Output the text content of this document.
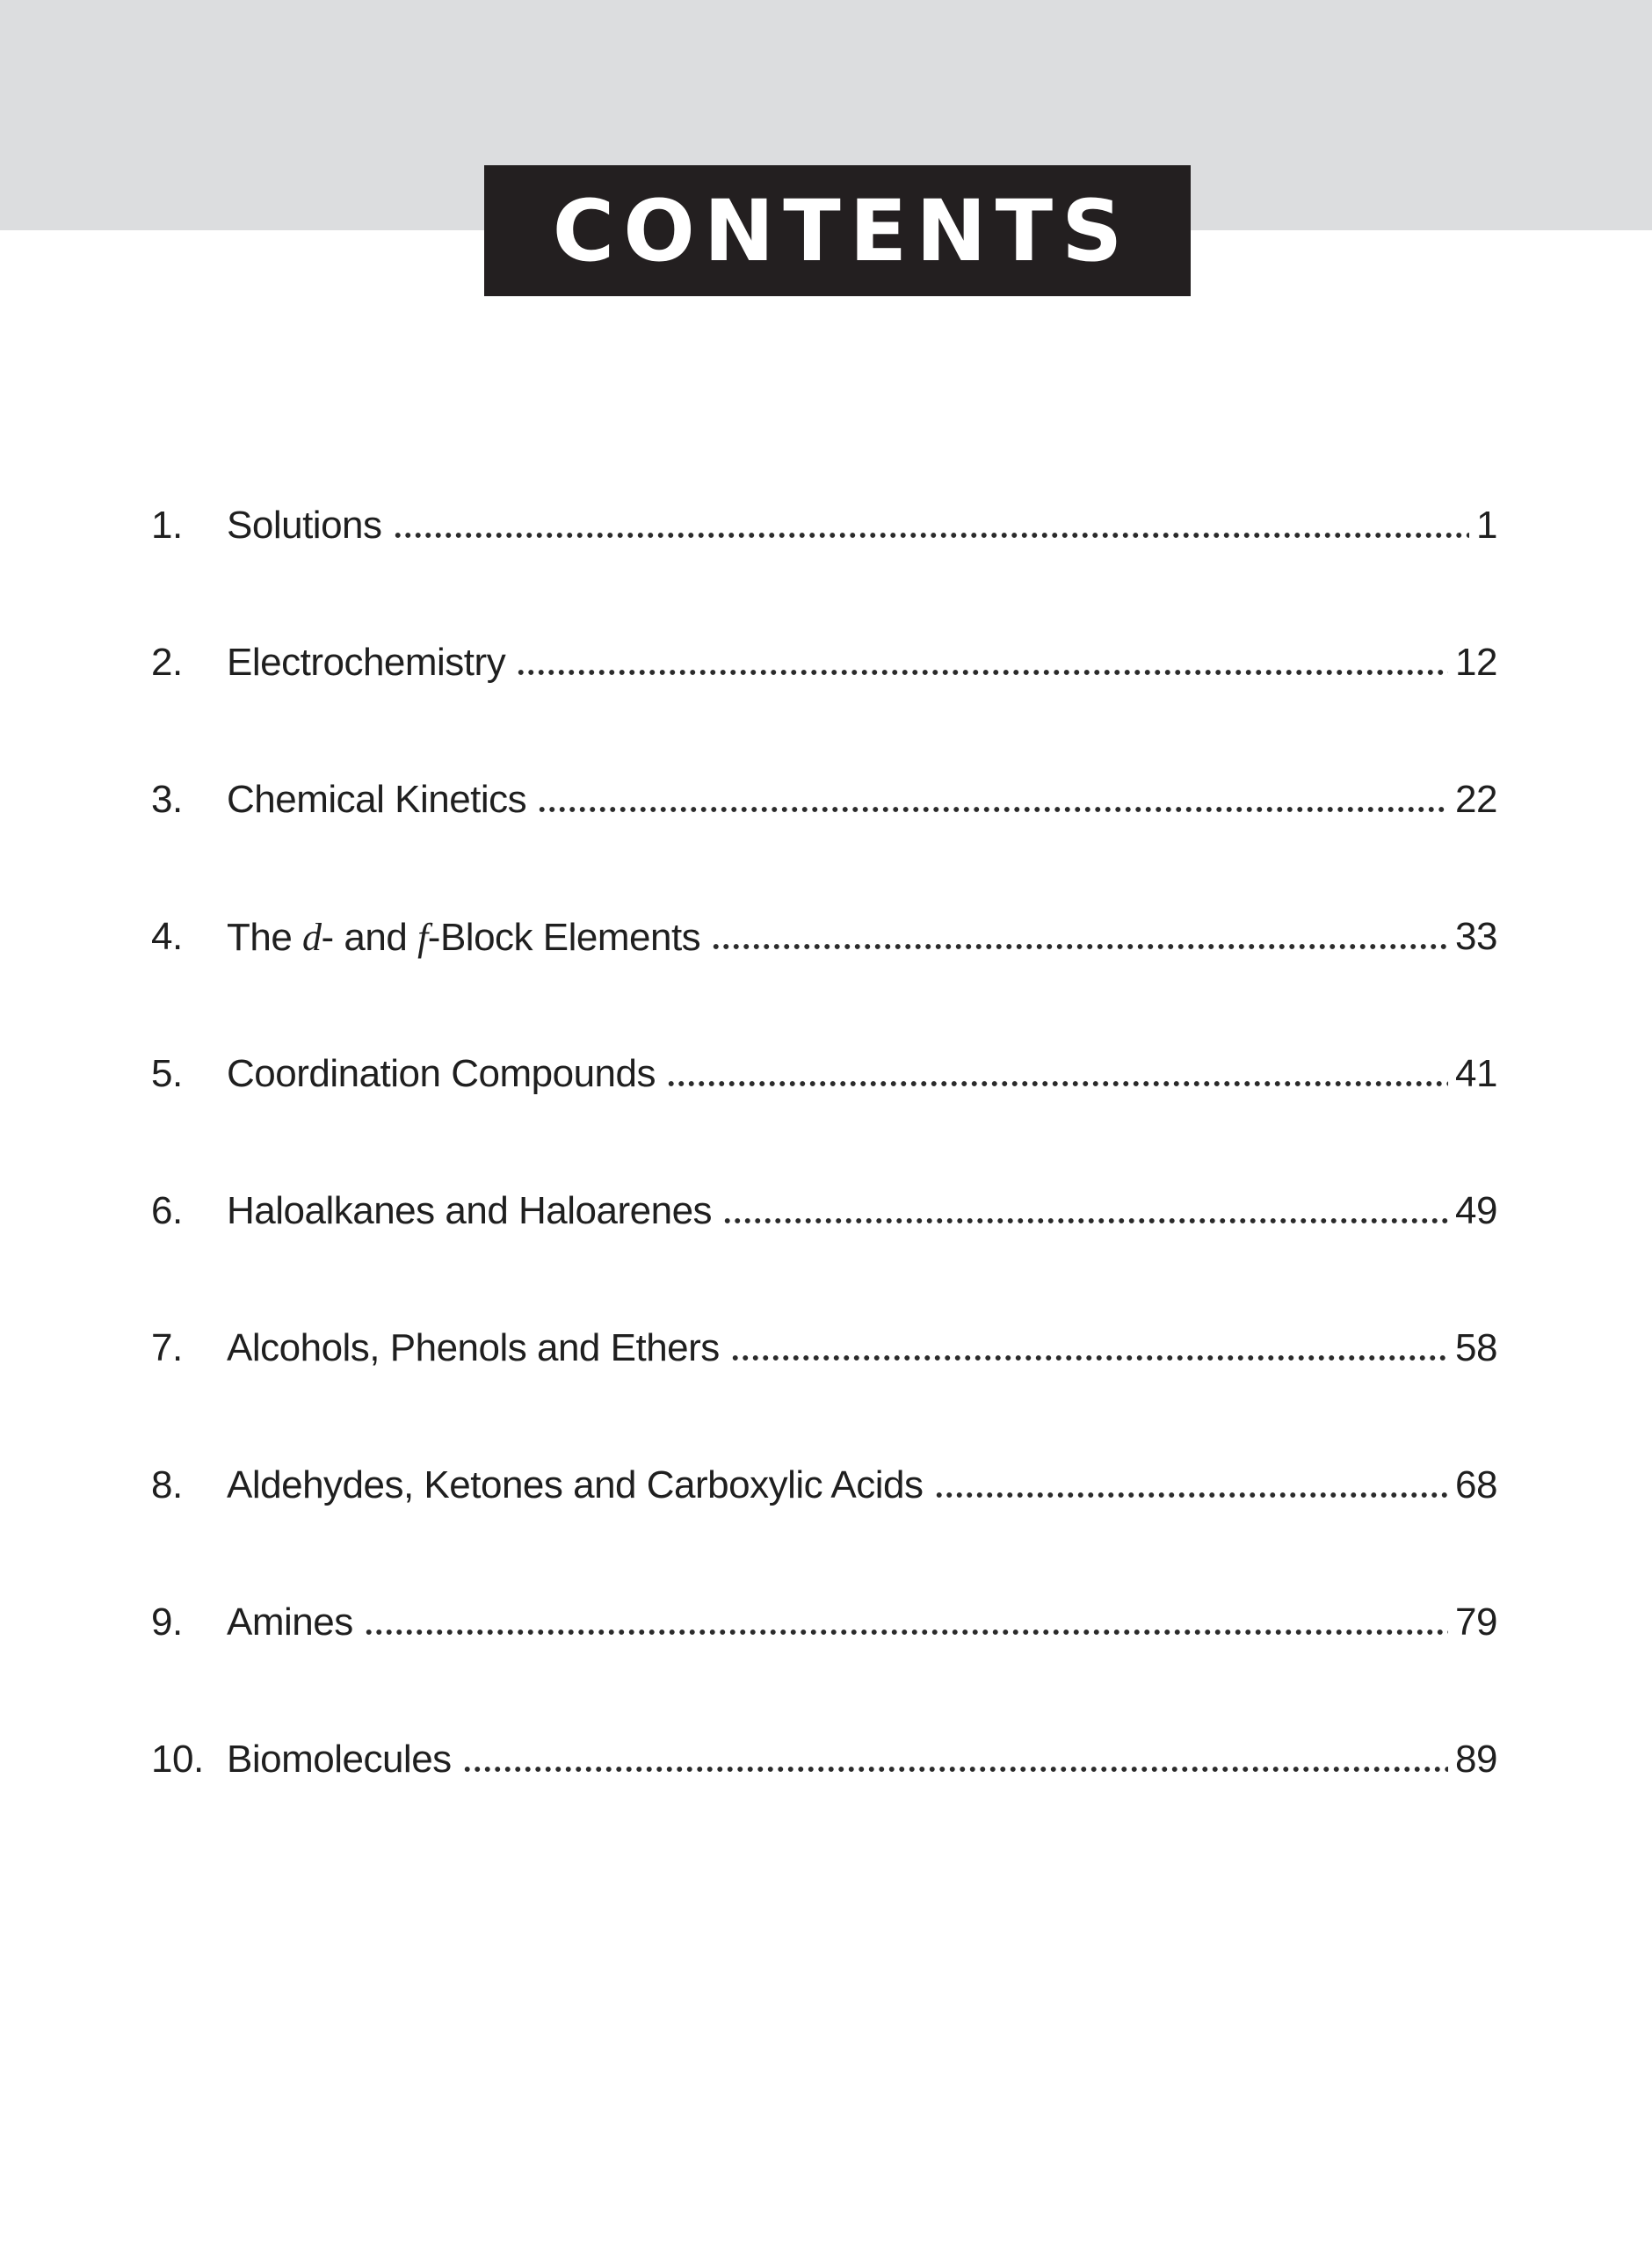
CONTENTS
1.	Solutions	1
2.	Electrochemistry	12
3.	Chemical Kinetics	22
4.	The d- and f-Block Elements	33
5.	Coordination Compounds	41
6.	Haloalkanes and Haloarenes	49
7.	Alcohols, Phenols and Ethers	58
8.	Aldehydes, Ketones and Carboxylic Acids	68
9.	Amines	79
10. Biomolecules	89
